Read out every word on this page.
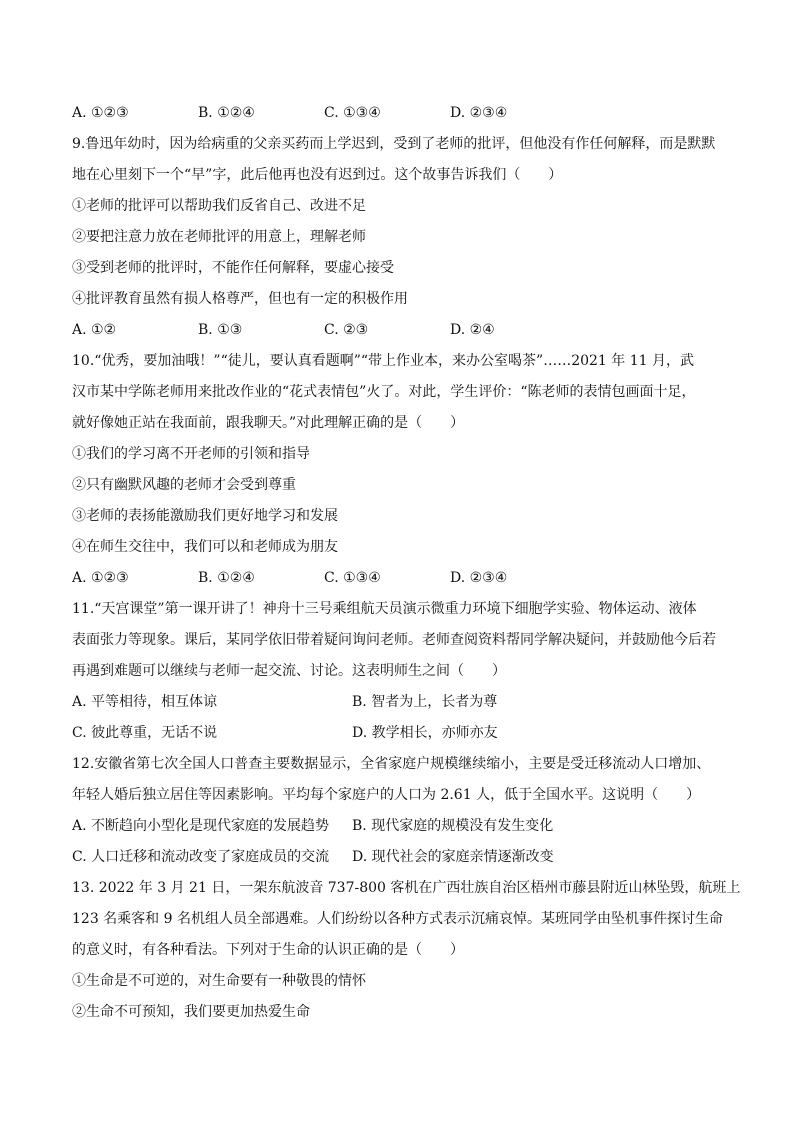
A. ①②③	B. ①②④	C. ①③④	D. ②③④
9.鲁迅年幼时，因为给病重的父亲买药而上学迟到，受到了老师的批评，但他没有作任何解释，而是默默
地在心里刻下一个“早”字，此后他再也没有迟到过。这个故事告诉我们（　　）
①老师的批评可以帮助我们反省自己、改进不足
②要把注意力放在老师批评的用意上，理解老师
③受到老师的批评时，不能作任何解释，要虚心接受
④批评教育虽然有损人格尊严，但也有一定的积极作用
A. ①②	B. ①③	C. ②③	D. ②④
10.“优秀，要加油哦！”“徒儿，要认真看题啊”“带上作业本，来办公室喝茶”……2021 年 11 月，武
汉市某中学陈老师用来批改作业的“花式表情包”火了。对此，学生评价：“陈老师的表情包画面十足，
就好像她正站在我面前，跟我聊天。”对此理解正确的是（　　）
①我们的学习离不开老师的引领和指导
②只有幽默风趣的老师才会受到尊重
③老师的表扬能激励我们更好地学习和发展
④在师生交往中，我们可以和老师成为朋友
A. ①②③	B. ①②④	C. ①③④	D. ②③④
11.“天宫课堂”第一课开讲了！神舟十三号乘组航天员演示微重力环境下细胞学实验、物体运动、液体
表面张力等现象。课后，某同学依旧带着疑问询问老师。老师查阅资料帮同学解决疑问，并鼓励他今后若
再遇到难题可以继续与老师一起交流、讨论。这表明师生之间（　　）
A. 平等相待，相互体谅	B. 智者为上，长者为尊
C. 彼此尊重，无话不说	D. 教学相长，亦师亦友
12.安徽省第七次全国人口普查主要数据显示，全省家庭户规模继续缩小，主要是受迁移流动人口增加、
年轻人婚后独立居住等因素影响。平均每个家庭户的人口为 2.61 人，低于全国水平。这说明（　　）
A. 不断趋向小型化是现代家庭的发展趋势	B. 现代家庭的规模没有发生变化
C. 人口迁移和流动改变了家庭成员的交流	D. 现代社会的家庭亲情逐渐改变
13. 2022 年 3 月 21 日，一架东航波音 737-800 客机在广西壮族自治区梧州市藤县附近山林坠毁，航班上
123 名乘客和 9 名机组人员全部遇难。人们纷纷以各种方式表示沉痛哀悼。某班同学由坠机事件探讨生命
的意义时，有各种看法。下列对于生命的认识正确的是（　　）
①生命是不可逆的，对生命要有一种敬畏的情怀
②生命不可预知，我们要更加热爱生命
